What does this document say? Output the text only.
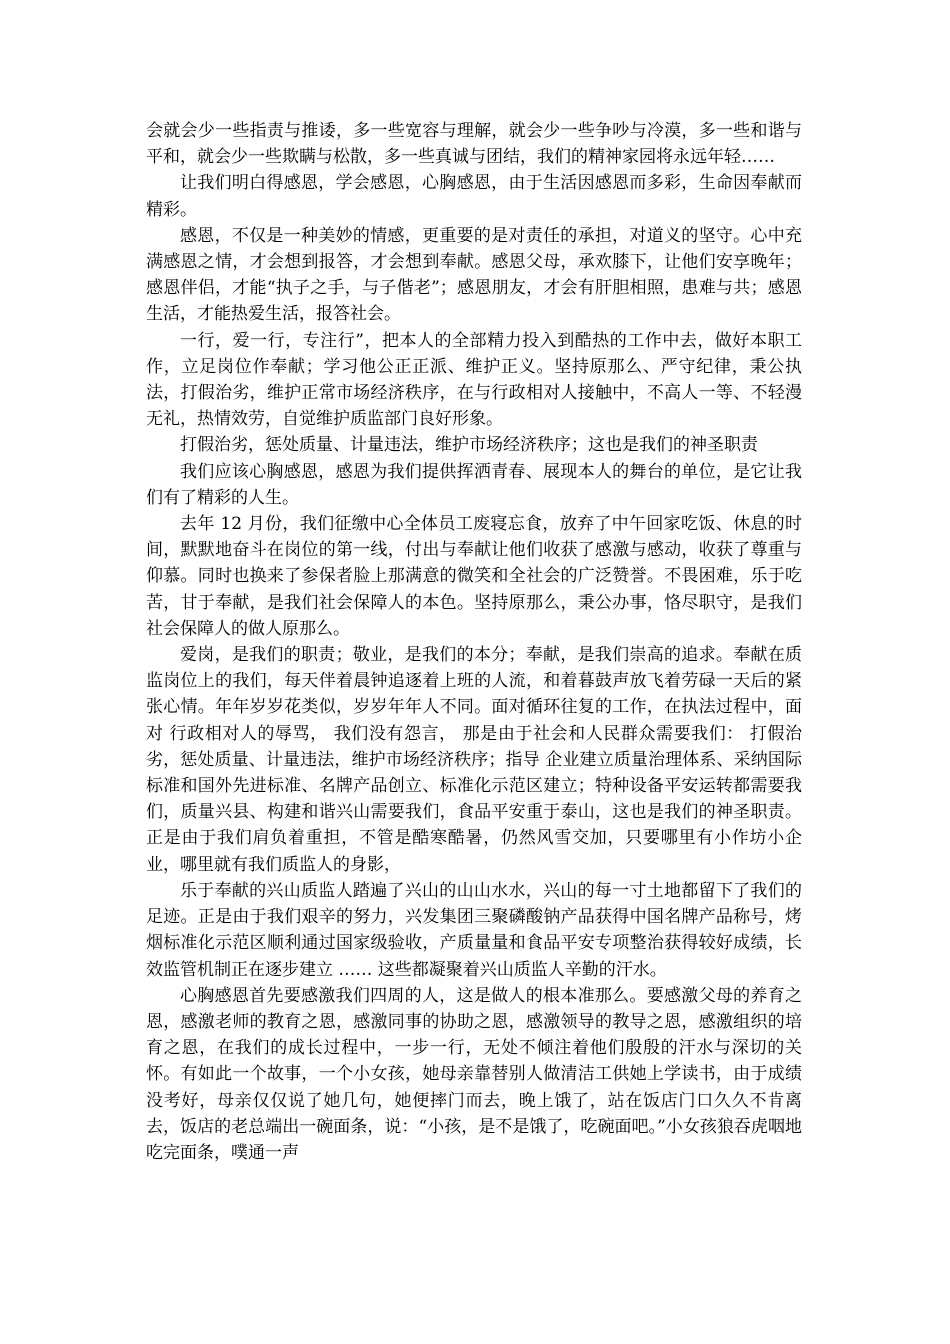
会就会少一些指责与推诿，多一些宽容与理解，就会少一些争吵与冷漠，多一些和谐与平和，就会少一些欺瞒与松散，多一些真诚与团结，我们的精神家园将永远年轻……

让我们明白得感恩，学会感恩，心胸感恩，由于生活因感恩而多彩，生命因奉献而精彩。

感恩，不仅是一种美妙的情感，更重要的是对责任的承担，对道义的坚守。心中充满感恩之情，才会想到报答，才会想到奉献。感恩父母，承欢膝下，让他们安享晚年；感恩伴侣，才能“执子之手，与子偕老”；感恩朋友，才会有肝胆相照，患难与共；感恩生活，才能热爱生活，报答社会。

一行，爱一行，专注行”，把本人的全部精力投入到酷热的工作中去，做好本职工作，立足岗位作奉献；学习他公正正派、维护正义。坚持原那么、严守纪律，秉公执法，打假治劣，维护正常市场经济秩序，在与行政相对人接触中，不高人一等、不轻漫无礼，热情效劳，自觉维护质监部门良好形象。

打假治劣，惩处质量、计量违法，维护市场经济秩序；这也是我们的神圣职责

我们应该心胸感恩，感恩为我们提供挥洒青春、展现本人的舞台的单位，是它让我们有了精彩的人生。

去年 12 月份，我们征缴中心全体员工废寝忘食，放弃了中午回家吃饭、休息的时间，默默地奋斗在岗位的第一线，付出与奉献让他们收获了感激与感动，收获了尊重与仰慕。同时也换来了参保者脸上那满意的微笑和全社会的广泛赞誉。不畏困难，乐于吃苦，甘于奉献，是我们社会保障人的本色。坚持原那么，秉公办事，恪尽职守，是我们社会保障人的做人原那么。

爱岗，是我们的职责；敬业，是我们的本分；奉献，是我们崇高的追求。奉献在质监岗位上的我们，每天伴着晨钟追逐着上班的人流，和着暮鼓声放飞着劳碌一天后的紧张心情。年年岁岁花类似，岁岁年年人不同。面对循环往复的工作，在执法过程中，面对 行政相对人的辱骂， 我们没有怨言， 那是由于社会和人民群众需要我们： 打假治劣，惩处质量、计量违法，维护市场经济秩序；指导 企业建立质量治理体系、采纳国际标准和国外先进标准、名牌产品创立、标准化示范区建立；特种设备平安运转都需要我们，质量兴县、构建和谐兴山需要我们，食品平安重于泰山，这也是我们的神圣职责。正是由于我们肩负着重担，不管是酷寒酷暑，仍然风雪交加，只要哪里有小作坊小企业，哪里就有我们质监人的身影，

乐于奉献的兴山质监人踏遍了兴山的山山水水，兴山的每一寸土地都留下了我们的足迹。正是由于我们艰辛的努力，兴发集团三聚磷酸钠产品获得中国名牌产品称号，烤烟标准化示范区顺利通过国家级验收，产质量量和食品平安专项整治获得较好成绩，长效监管机制正在逐步建立 …… 这些都凝聚着兴山质监人辛勤的汗水。

心胸感恩首先要感激我们四周的人，这是做人的根本准那么。要感激父母的养育之恩，感激老师的教育之恩，感激同事的协助之恩，感激领导的教导之恩，感激组织的培育之恩，在我们的成长过程中，一步一行，无处不倾注着他们殷殷的汗水与深切的关怀。有如此一个故事，一个小女孩，她母亲靠替别人做清洁工供她上学读书，由于成绩没考好，母亲仅仅说了她几句，她便摔门而去，晚上饿了，站在饭店门口久久不肯离去，饭店的老总端出一碗面条，说：“小孩，是不是饿了，吃碗面吧。”小女孩狼吞虎咽地吃完面条，噗通一声
